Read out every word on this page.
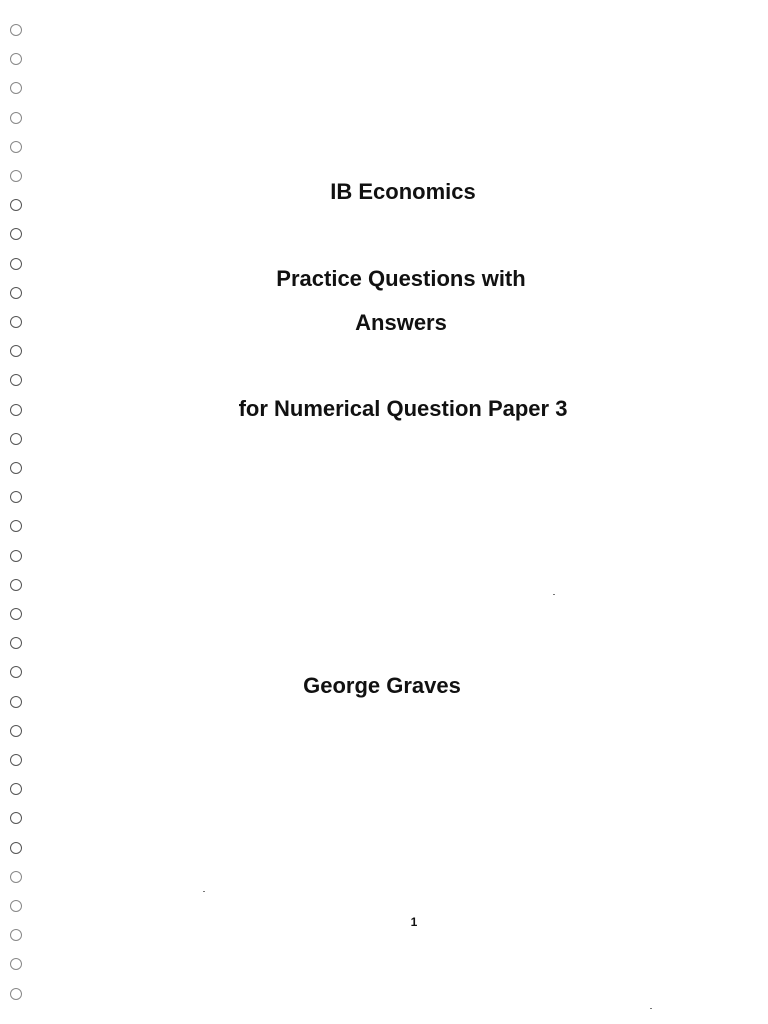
IB Economics
Practice Questions with
Answers
for Numerical Question Paper 3
George Graves
1
